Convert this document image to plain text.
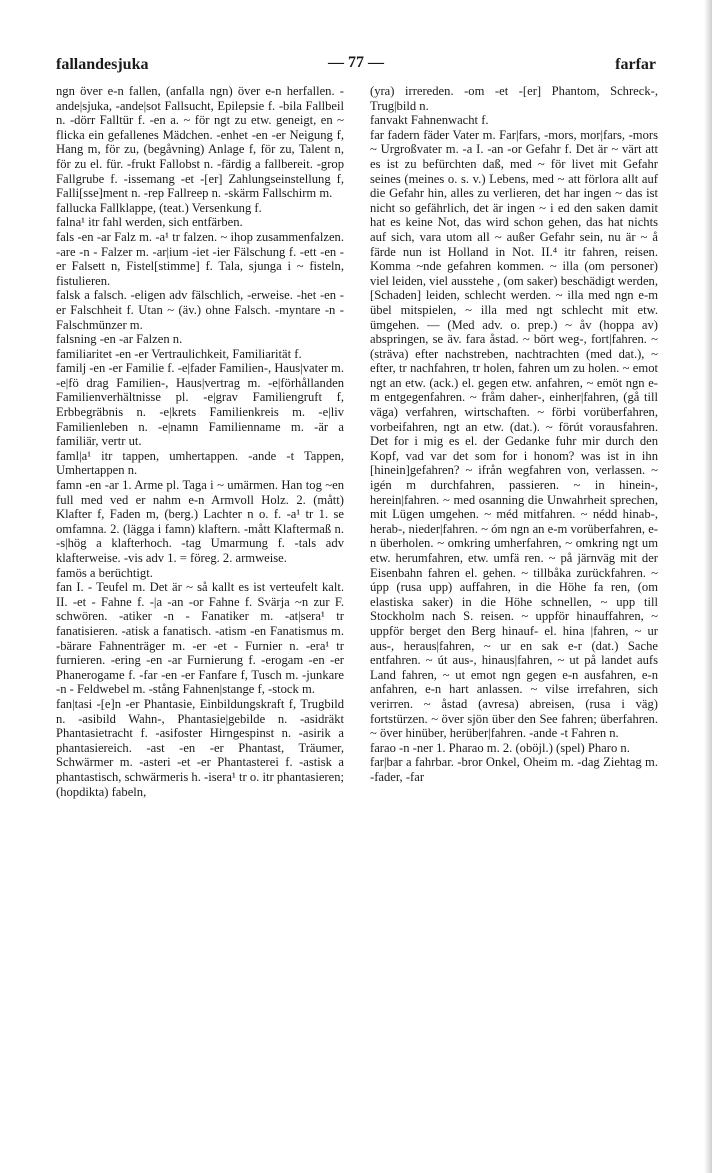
fallandesjuka	— 77 —	farfar

ngn över e-n fallen, (anfalla ngn) över e-n herfallen. -ande|sjuka, -ande|sot Fallsucht, Epilepsie f. -bila Fallbeil n. -dörr Falltür f. -en a. ~ för ngt zu etw. geneigt, en ~ flicka ein gefallenes Mädchen. -enhet -en -er Neigung f, Hang m, för zu, (begåvning) Anlage f, för zu, Talent n, för zu el. für. -frukt Fallobst n. -färdig a fallbereit. -grop Fallgrube f. -issemang -et -[er] Zahlungseinstellung f, Falli[sse]ment n. -rep Fallreep n. -skärm Fallschirm m.

fallucka Fallklappe, (teat.) Versenkung f.

falna¹ itr fahl werden, sich entfärben.

fals -en -ar Falz m. -a¹ tr falzen. ~ ihop zusammenfalzen. -are -n - Falzer m. -ar|ium -iet -ier Fälschung f. -ett -en -er Falsett n, Fistel[stimme] f. Tala, sjunga i ~ fisteln, fistulieren.

falsk a falsch. -eligen adv fälschlich, -erweise. -het -en -er Falschheit f. Utan ~ (äv.) ohne Falsch. -myntare -n - Falschmünzer m.

falsning -en -ar Falzen n.

familiaritet -en -er Vertraulichkeit, Familiarität f.

familj -en -er Familie f. -e|fader Familien-, Haus|vater m. -e|fö drag Familien-, Haus|vertrag m. -e|förhållanden Familienverhältnisse pl. -e|grav Familiengruft f, Erbbegräbnis n. -e|krets Familienkreis m. -e|liv Familienleben n. -e|namn Familienname m. -är a familiär, vertr ut.

faml|a¹ itr tappen, umhertappen. -ande -t Tappen, Umhertappen n.

famn -en -ar 1. Arme pl. Taga i ~ umärmen. Han tog ~en full med ved er nahm e-n Armvoll Holz. 2. (mått) Klafter f, Faden m, (berg.) Lachter n o. f. -a¹ tr 1. se omfamna. 2. (lägga i famn) klaftern. -mått Klaftermaß n. -s|hög a klafterhoch. -tag Umarmung f. -tals adv klafterweise. -vis adv 1. = föreg. 2. armweise.

famös a berüchtigt.

fan I. - Teufel m. Det är ~ så kallt es ist verteufelt kalt. II. -et - Fahne f. -|a -an -or Fahne f. Svärja ~n zur F. schwören. -atiker -n - Fanatiker m. -at|sera¹ tr fanatisieren. -atisk a fanatisch. -atism -en Fanatismus m. -bärare Fahnenträger m. -er -et - Furnier n. -era¹ tr furnieren. -ering -en -ar Furnierung f. -erogam -en -er Phanerogame f. -far -en -er Fanfare f, Tusch m. -junkare -n - Feldwebel m. -stång Fahnen|stange f, -stock m.

fan|tasi -[e]n -er Phantasie, Einbildungskraft f, Trugbild n. -asibild Wahn-, Phantasie|gebilde n. -asidräkt Phantasietracht f. -asifoster Hirngespinst n. -asirik a phantasiereich. -ast -en -er Phantast, Träumer, Schwärmer m. -asteri -et -er Phantasterei f. -astisk a phantastisch, schwärmeris h. -isera¹ tr o. itr phantasieren; (hopdikta) fabeln,

(yra) irrereden. -om -et -[er] Phantom, Schreck-, Trug|bild n.

fanvakt Fahnenwacht f.

far fadern fäder Vater m. Far|fars, -mors, mor|fars, -mors ~ Urgroßvater m. -a I. -an -or Gefahr f. Det är ~ värt att es ist zu befürchten daß, med ~ för livet mit Gefahr seines (meines o. s. v.) Lebens, med ~ att förlora allt auf die Gefahr hin, alles zu verlieren, det har ingen ~ das ist nicht so gefährlich, det är ingen ~ i ed den saken damit hat es keine Not, das wird schon gehen, das hat nichts auf sich, vara utom all ~ außer Gefahr sein, nu är ~ å färde nun ist Holland in Not. II.⁴ itr fahren, reisen. Komma ~nde gefahren kommen. ~ illa (om personer) viel leiden, viel ausstehe , (om saker) beschädigt werden, [Schaden] leiden, schlecht werden. ~ illa med ngn e-m übel mitspielen, ~ illa med ngt schlecht mit etw. ümgehen. — (Med adv. o. prep.) ~ åv (hoppa av) abspringen, se äv. fara åstad. ~ bört weg-, fort|fahren. ~ (sträva) efter nachstreben, nachtrachten (med dat.), ~ efter, tr nachfahren, tr holen, fahren um zu holen. ~ emot ngt an etw. (ack.) el. gegen etw. anfahren, ~ emöt ngn e-m entgegenfahren. ~ fråm daher-, einher|fahren, (gå till väga) verfahren, wirtschaften. ~ förbi vorüberfahren, vorbeifahren, ngt an etw. (dat.). ~ förút vorausfahren. Det for i mig es el. der Gedanke fuhr mir durch den Kopf, vad var det som for i honom? was ist in ihn [hinein]gefahren? ~ ifrån wegfahren von, verlassen. ~ igén m durchfahren, passieren. ~ in hinein-, herein|fahren. ~ med osanning die Unwahrheit sprechen, mit Lügen umgehen. ~ méd mitfahren. ~ nédd hinab-, herab-, nieder|fahren. ~ óm ngn an e-m vorüberfahren, e-n überholen. ~ omkring umherfahren, ~ omkring ngt um etw. herumfahren, etw. umfä ren. ~ på järnväg mit der Eisenbahn fahren el. gehen. ~ tillbåka zurückfahren. ~ úpp (rusa upp) auffahren, in die Höhe fa ren, (om elastiska saker) in die Höhe schnellen, ~ upp till Stockholm nach S. reisen. ~ uppför hinauffahren, ~ uppför berget den Berg hinauf- el. hina |fahren, ~ ur aus-, heraus|fahren, ~ ur en sak e-r (dat.) Sache entfahren. ~ út aus-, hinaus|fahren, ~ ut på landet aufs Land fahren, ~ ut emot ngn gegen e-n ausfahren, e-n anfahren, e-n hart anlassen. ~ vilse irrefahren, sich verirren. ~ åstad (avresa) abreisen, (rusa i väg) fortstürzen. ~ över sjön über den See fahren; überfahren. ~ över hinüber, herüber|fahren. -ande -t Fahren n.

farao -n -ner 1. Pharao m. 2. (oböjl.) (spel) Pharo n.

far|bar a fahrbar. -bror Onkel, Oheim m. -dag Ziehtag m. -fader, -far
